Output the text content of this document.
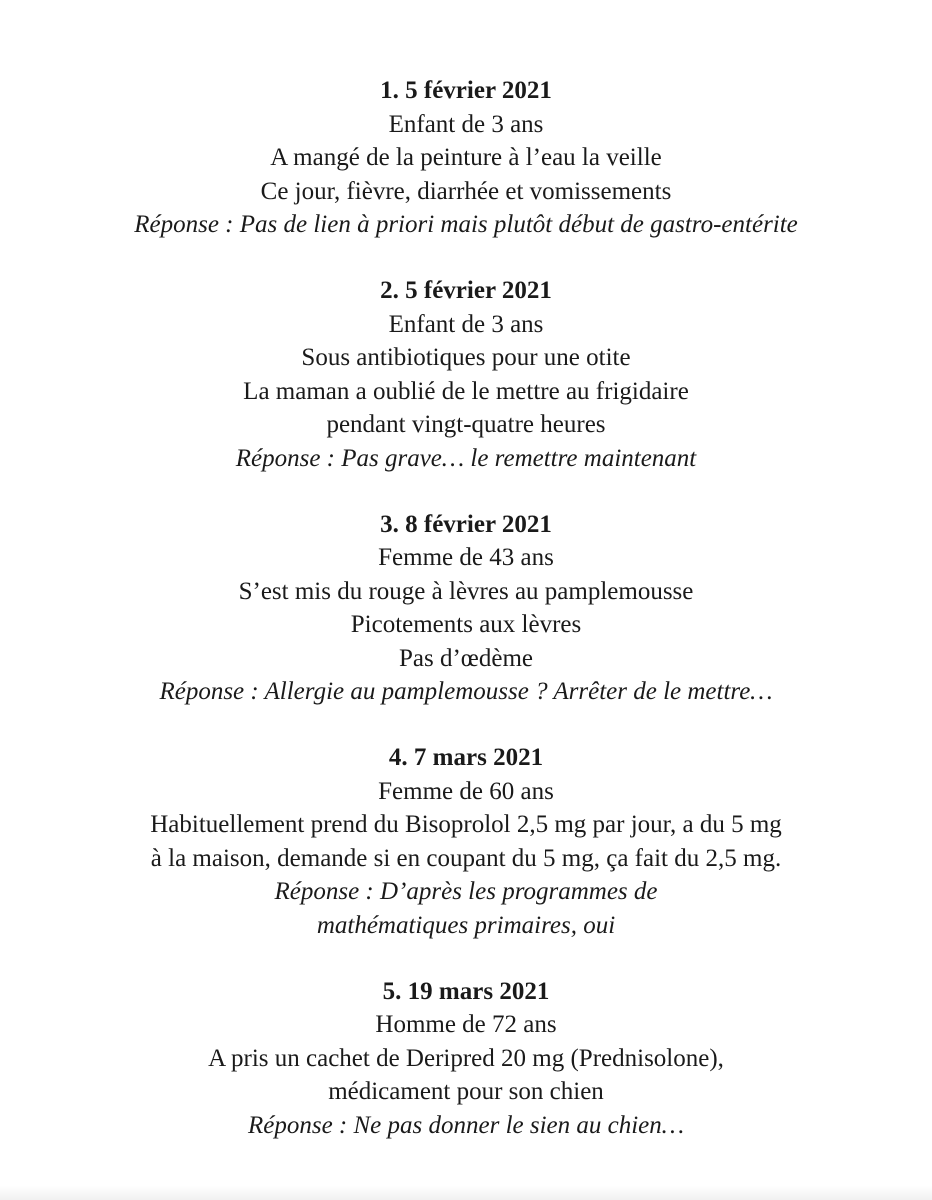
1. 5 février 2021
Enfant de 3 ans
A mangé de la peinture à l’eau la veille
Ce jour, fièvre, diarrhée et vomissements
Réponse : Pas de lien à priori mais plutôt début de gastro-entérite
2. 5 février 2021
Enfant de 3 ans
Sous antibiotiques pour une otite
La maman a oublié de le mettre au frigidaire
pendant vingt-quatre heures
Réponse : Pas grave… le remettre maintenant
3. 8 février 2021
Femme de 43 ans
S’est mis du rouge à lèvres au pamplemousse
Picotements aux lèvres
Pas d’œdème
Réponse : Allergie au pamplemousse ? Arrêter de le mettre…
4. 7 mars 2021
Femme de 60 ans
Habituellement prend du Bisoprolol 2,5 mg par jour, a du 5 mg
à la maison, demande si en coupant du 5 mg, ça fait du 2,5 mg.
Réponse : D’après les programmes de
mathématiques primaires, oui
5. 19 mars 2021
Homme de 72 ans
A pris un cachet de Deripred 20 mg (Prednisolone),
médicament pour son chien
Réponse : Ne pas donner le sien au chien…
